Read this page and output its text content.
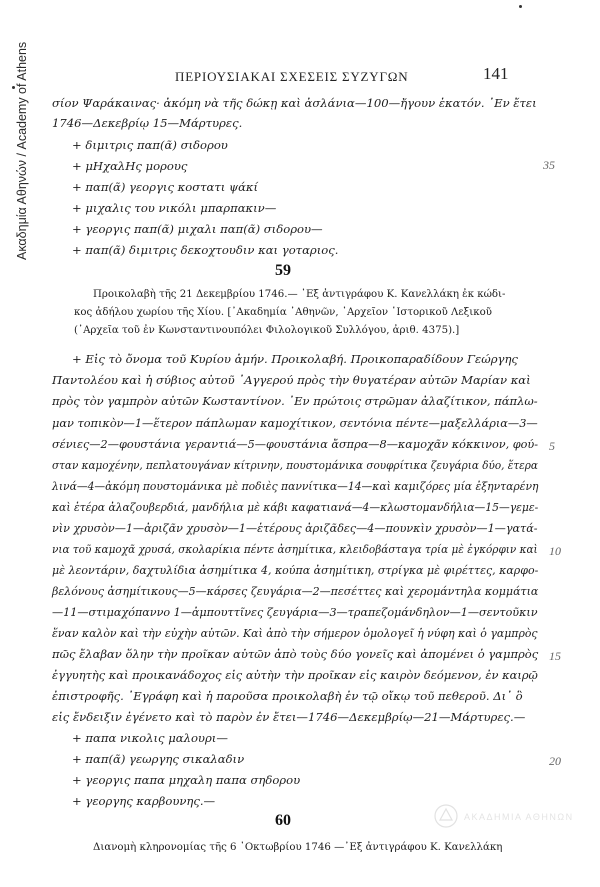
Ακαδημία Αθηνών / Academy of Athens	ΠΕΡΙΟΥΣΙΑΚΑΙ ΣΧΕΣΕΙΣ ΣΥΖΥΓΩΝ	141
σίον Ψαράκαινας· ἀκόμη νὰ τῆς δώκῃ καὶ ἀσλάνια—100—ἤγουν ἑκατόν. ᾿Εν ἔτει
1746—Δεκεβρίῳ 15—Μάρτυρες.
+ διμιτρις παπ(ᾶ) σιδορου
+ μΗχαλΗς μορους
+ παπ(ᾶ) γεοργις κοστατι ψάκί
+ μιχαλις του νικόλι μπαρπακιν—
+ γεοργις παπ(ᾶ) μιχαλι παπ(ᾶ) σιδορου—
+ παπ(ᾶ) διμιτρις δεκοχτουδιν και γοταριος.
35
59
Προικολαβὴ τῆς 21 Δεκεμβρίου 1746.— ᾿Εξ ἀντιγράφου Κ. Κανελλάκη ἐκ κώδι-
κος ἀδήλου χωρίου τῆς Χίου. [᾿Ακαδημία ᾿Αθηνῶν, ᾿Αρχεῖον ῾Ιστορικοῦ Λεξικοῦ
(᾿Αρχεῖα τοῦ ἐν Κωνσταντινουπόλει Φιλολογικοῦ Συλλόγου, ἀριθ. 4375).]
+ Εἰς τὸ ὄνομα τοῦ Κυρίου ἀμήν. Προικολαβή. Προικοπαραδίδουν Γεώργης
Παντολέου καὶ ἡ σύβιος αὐτοῦ ᾿Αγγερού πρὸς τὴν θυγατέραν αὐτῶν Μαρίαν καὶ
πρὸς τὸν γαμπρὸν αὐτῶν Κωσταντίνον. ᾿Εν πρώτοις στρῶμαν ἀλαζίτικον, πάπλω-
μαν τοπικὸν—1—ἕτερον πάπλωμαν καμοχίτικον, σεντόνια πέντε—μαξελλάρια—3—
σένιες—2—φουστάνια γεραντιά—5—φουστάνια ἄσπρα—8—καμοχᾶν κόκκινον, φού-
σταν καμοχένην, πεπλατουγάναν κίτρινην, πουστομάνικα σουφρίτικα ζευγάρια δύο, ἕτερα
λινά—4—ἀκόμη πουστομάνικα μὲ ποδιὲς παννίτικα—14—καὶ καμιζόρες μία ἐξηνταρένη
καὶ ἑτέρα ἀλαζουβερδιά, μανδήλια μὲ κάβι καφατιανά—4—κλωστομανδήλια—15—γεμε-
νὶν χρυσὸν—1—ἀριζᾶν χρυσὸν—1—ἑτέρους ἀριζᾶδες—4—πουνκὶν χρυσὸν—1—γατά-
νια τοῦ καμοχᾶ χρυσά, σκολαρίκια πέντε ἀσημίτικα, κλειδοβάσταγα τρία μὲ ἐγκόρφιν καὶ
μὲ λεοντάριν, δαχτυλίδια ἀσημίτικα 4, κούπα ἀσημίτικη, στρίγκα μὲ φιρέττες, καρφο-
βελόνους ἀσημίτικους—5—κάρσες ζευγάρια—2—πεσέττες καὶ χερομάντηλα κομμάτια
—11—στιμαχόπαννο 1—ἀμπουττῖνες ζευγάρια—3—τραπεζομάνδηλον—1—σεντοῦκιν
ἕναν καλὸν καὶ τὴν εὐχὴν αὐτῶν. Καὶ ἀπὸ τὴν σήμερον ὁμολογεῖ ἡ νύφη καὶ ὁ γαμπρὸς
πῶς ἔλαβαν ὅλην τὴν προῖκαν αὐτῶν ἀπὸ τοὺς δύο γονεῖς καὶ ἀπομένει ὁ γαμπρὸς
ἐγγυητὴς καὶ προικανάδοχος εἰς αὐτὴν τὴν προῖκαν εἰς καιρὸν δεόμενον, ἐν καιρῷ
ἐπιστροφῆς. ᾿Εγράφη καὶ ἡ παροῦσα προικολαβὴ ἐν τῷ οἴκῳ τοῦ πεθεροῦ. Δι᾿ ὃ
εἰς ἔνδειξιν ἐγένετο καὶ τὸ παρὸν ἐν ἔτει—1746—Δεκεμβρίῳ—21—Μάρτυρες.—
+ παπα νικολις μαλουρι—
+ παπ(ᾶ) γεωργης σικαλαδιν
+ γεοργις παπα μηχαλη παπα σηδορου
+ γεοργης καρβουνης.—
5
10
15
20
60
Διανομὴ κληρονομίας τῆς 6 ᾿Οκτωβρίου 1746 —᾿Εξ ἀντιγράφου Κ. Κανελλάκη
ΑΚΑΔΗΜΙΑ ΑΘΗΝΩΝ
